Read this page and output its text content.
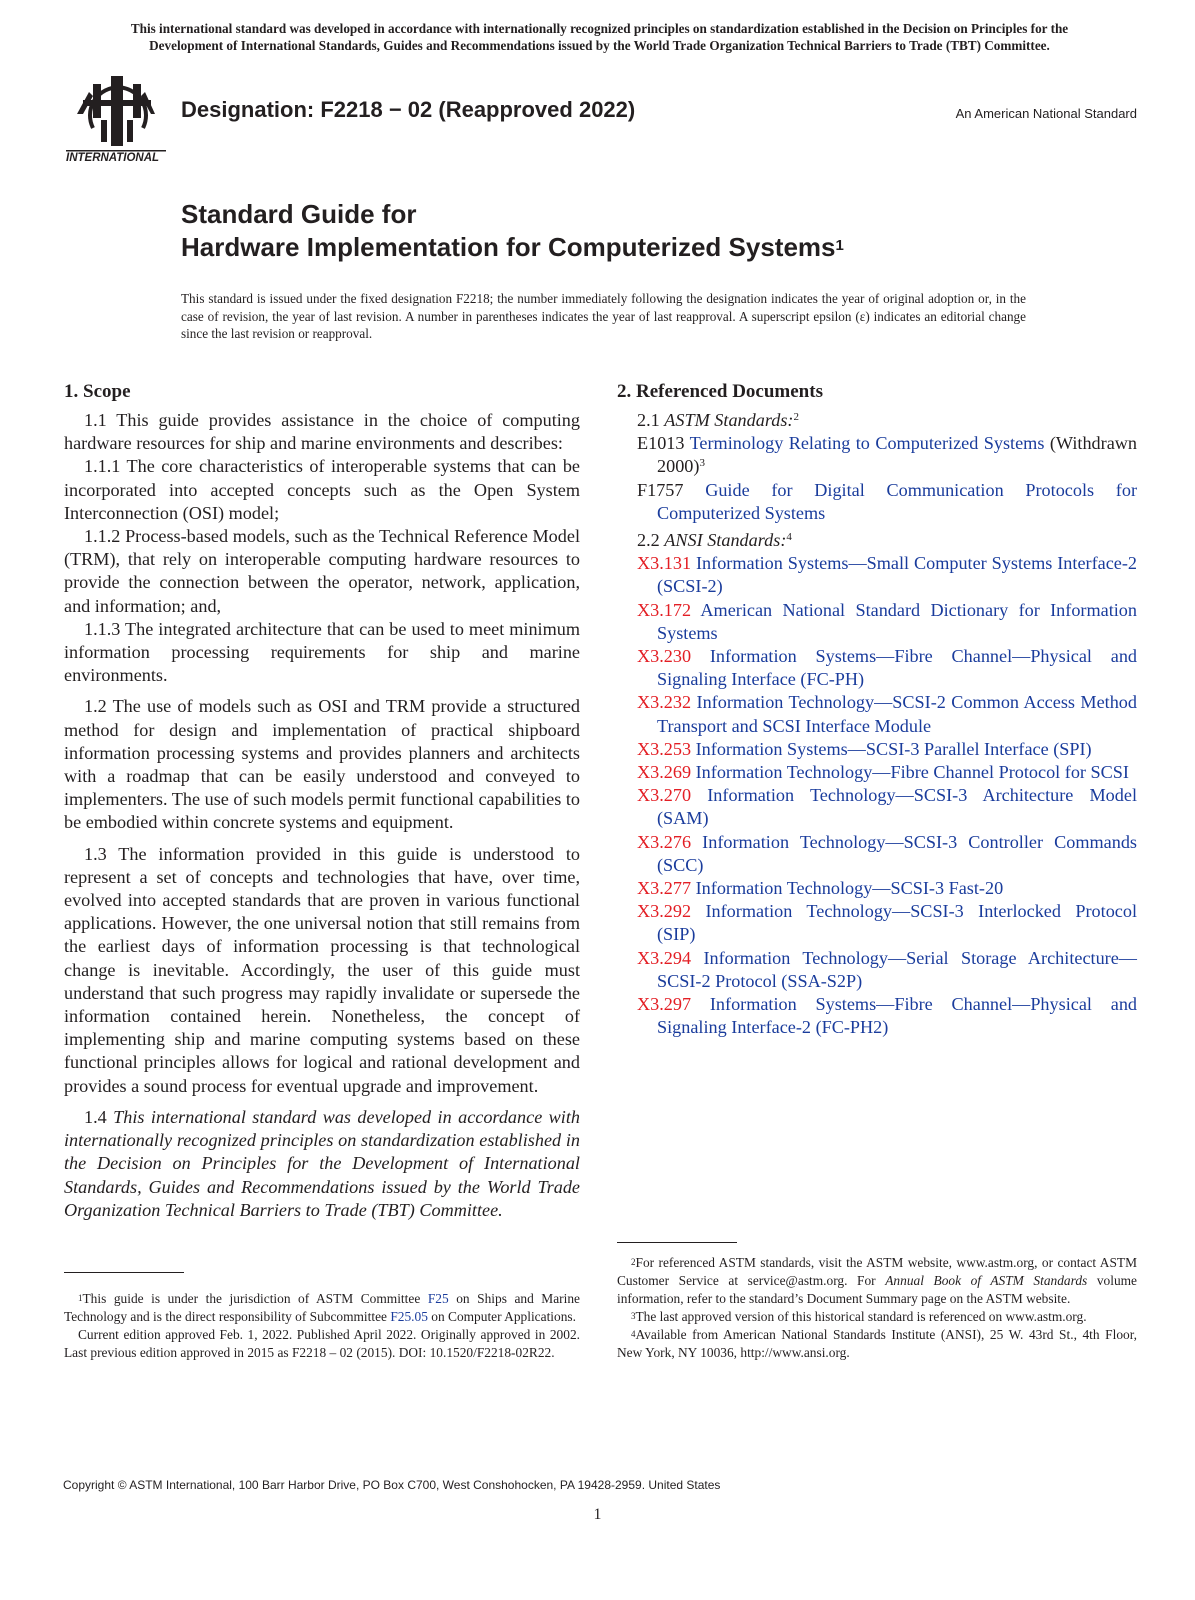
This international standard was developed in accordance with internationally recognized principles on standardization established in the Decision on Principles for the
Development of International Standards, Guides and Recommendations issued by the World Trade Organization Technical Barriers to Trade (TBT) Committee.
INTERNATIONAL
Designation: F2218 − 02 (Reapproved 2022)	An American National Standard
Standard Guide for
Hardware Implementation for Computerized Systems$^1$
This standard is issued under the fixed designation F2218; the number immediately following the designation indicates the year of original adoption or, in the case of revision, the year of last revision. A number in parentheses indicates the year of last reapproval. A superscript epsilon (ε) indicates an editorial change since the last revision or reapproval.
1. Scope

1.1 This guide provides assistance in the choice of computing hardware resources for ship and marine environments and describes:

1.1.1 The core characteristics of interoperable systems that can be incorporated into accepted concepts such as the Open System Interconnection (OSI) model;

1.1.2 Process-based models, such as the Technical Reference Model (TRM), that rely on interoperable computing hardware resources to provide the connection between the operator, network, application, and information; and,

1.1.3 The integrated architecture that can be used to meet minimum information processing requirements for ship and marine environments.

1.2 The use of models such as OSI and TRM provide a structured method for design and implementation of practical shipboard information processing systems and provides planners and architects with a roadmap that can be easily understood and conveyed to implementers. The use of such models permit functional capabilities to be embodied within concrete systems and equipment.

1.3 The information provided in this guide is understood to represent a set of concepts and technologies that have, over time, evolved into accepted standards that are proven in various functional applications. However, the one universal notion that still remains from the earliest days of information processing is that technological change is inevitable. Accordingly, the user of this guide must understand that such progress may rapidly invalidate or supersede the information contained herein. Nonetheless, the concept of implementing ship and marine computing systems based on these functional principles allows for logical and rational development and provides a sound process for eventual upgrade and improvement.

1.4 This international standard was developed in accordance with internationally recognized principles on standardization established in the Decision on Principles for the Development of International Standards, Guides and Recommendations issued by the World Trade Organization Technical Barriers to Trade (TBT) Committee.

2. Referenced Documents
2.1 ASTM Standards:$^2$
E1013 Terminology Relating to Computerized Systems (Withdrawn 2000)$^3$
F1757 Guide for Digital Communication Protocols for Computerized Systems
2.2 ANSI Standards:$^4$
X3.131 Information Systems—Small Computer Systems Interface-2 (SCSI-2)
X3.172 American National Standard Dictionary for Information Systems
X3.230 Information Systems—Fibre Channel—Physical and Signaling Interface (FC-PH)
X3.232 Information Technology—SCSI-2 Common Access Method Transport and SCSI Interface Module
X3.253 Information Systems—SCSI-3 Parallel Interface (SPI)
X3.269 Information Technology—Fibre Channel Protocol for SCSI
X3.270 Information Technology—SCSI-3 Architecture Model (SAM)
X3.276 Information Technology—SCSI-3 Controller Commands (SCC)
X3.277 Information Technology—SCSI-3 Fast-20
X3.292 Information Technology—SCSI-3 Interlocked Protocol (SIP)
X3.294 Information Technology—Serial Storage Architecture—SCSI-2 Protocol (SSA-S2P)
X3.297 Information Systems—Fibre Channel—Physical and Signaling Interface-2 (FC-PH2)

$^1$This guide is under the jurisdiction of ASTM Committee F25 on Ships and Marine Technology and is the direct responsibility of Subcommittee F25.05 on Computer Applications.

Current edition approved Feb. 1, 2022. Published April 2022. Originally approved in 2002. Last previous edition approved in 2015 as F2218 – 02 (2015). DOI: 10.1520/F2218-02R22.

$^2$For referenced ASTM standards, visit the ASTM website, www.astm.org, or contact ASTM Customer Service at service@astm.org. For Annual Book of ASTM Standards volume information, refer to the standard’s Document Summary page on the ASTM website.

$^3$The last approved version of this historical standard is referenced on www.astm.org.

$^4$Available from American National Standards Institute (ANSI), 25 W. 43rd St., 4th Floor, New York, NY 10036, http://www.ansi.org.

Copyright © ASTM International, 100 Barr Harbor Drive, PO Box C700, West Conshohocken, PA 19428-2959. United States
1
